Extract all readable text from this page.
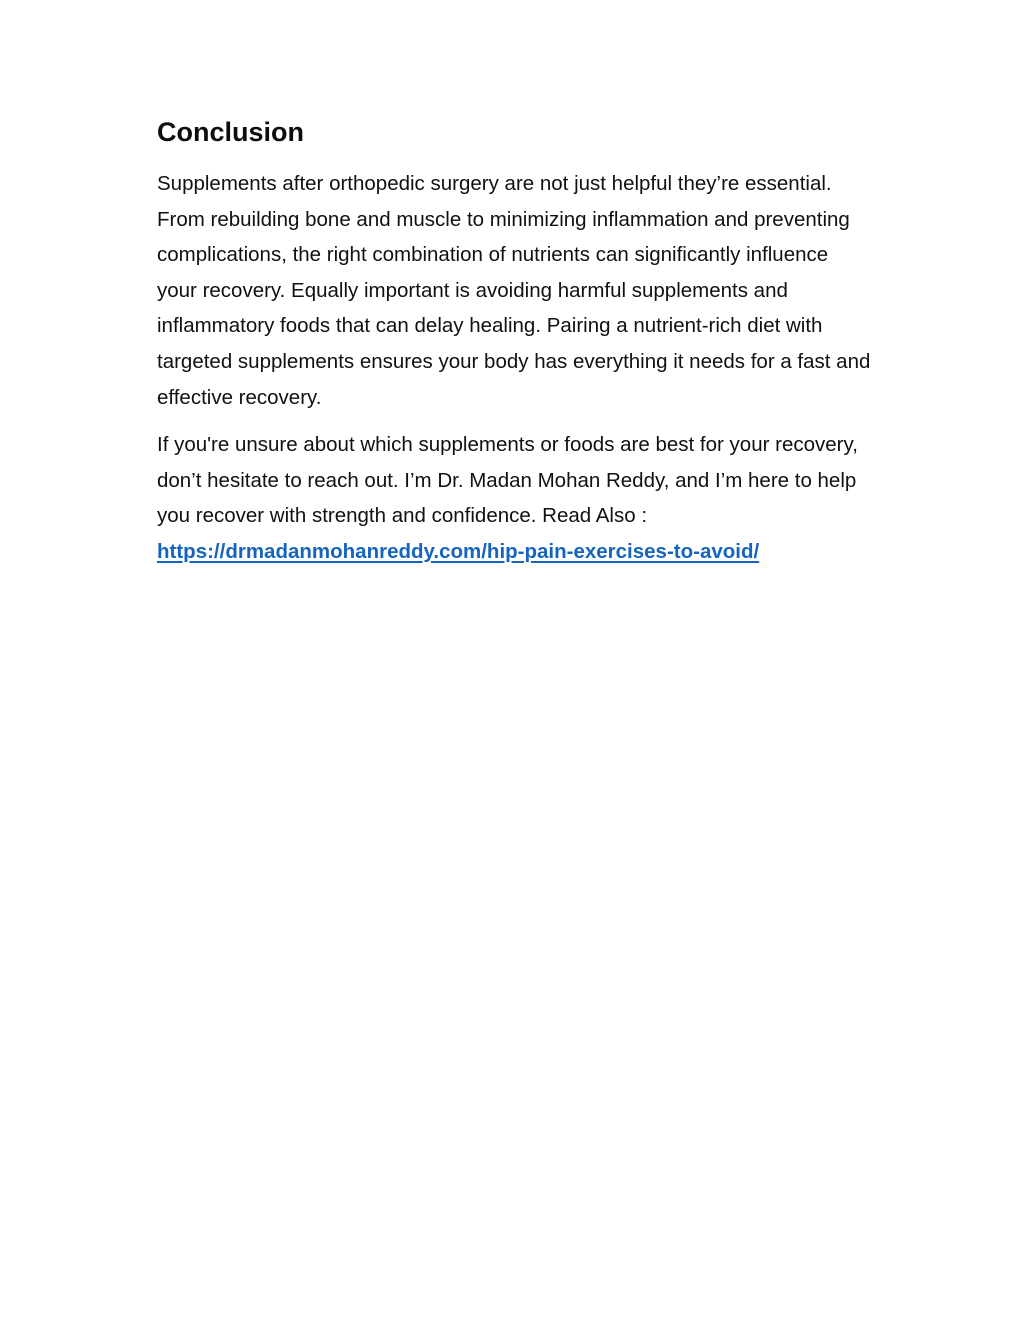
Conclusion

Supplements after orthopedic surgery are not just helpful they’re essential. From rebuilding bone and muscle to minimizing inflammation and preventing complications, the right combination of nutrients can significantly influence your recovery. Equally important is avoiding harmful supplements and inflammatory foods that can delay healing. Pairing a nutrient-rich diet with targeted supplements ensures your body has everything it needs for a fast and effective recovery.

If you're unsure about which supplements or foods are best for your recovery, don’t hesitate to reach out. I’m Dr. Madan Mohan Reddy, and I’m here to help you recover with strength and confidence. Read Also : https://drmadanmohanreddy.com/hip-pain-exercises-to-avoid/
